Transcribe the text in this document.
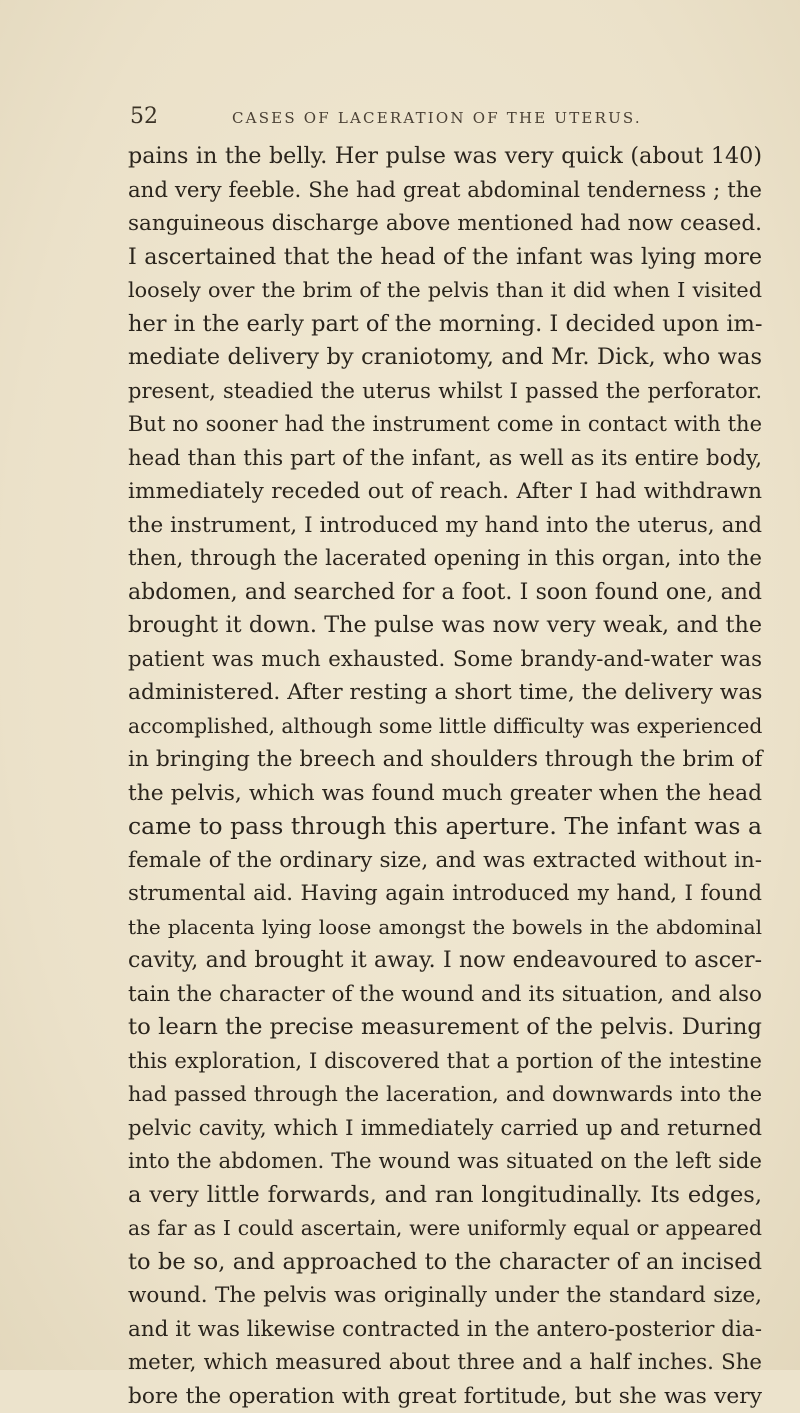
52	CASES OF LACERATION OF THE UTERUS.
pains in the belly. Her pulse was very quick (about 140)
and very feeble. She had great abdominal tenderness ; the
sanguineous discharge above mentioned had now ceased.
I ascertained that the head of the infant was lying more
loosely over the brim of the pelvis than it did when I visited
her in the early part of the morning. I decided upon im-
mediate delivery by craniotomy, and Mr. Dick, who was
present, steadied the uterus whilst I passed the perforator.
But no sooner had the instrument come in contact with the
head than this part of the infant, as well as its entire body,
immediately receded out of reach. After I had withdrawn
the instrument, I introduced my hand into the uterus, and
then, through the lacerated opening in this organ, into the
abdomen, and searched for a foot. I soon found one, and
brought it down. The pulse was now very weak, and the
patient was much exhausted. Some brandy-and-water was
administered. After resting a short time, the delivery was
accomplished, although some little difficulty was experienced
in bringing the breech and shoulders through the brim of
the pelvis, which was found much greater when the head
came to pass through this aperture. The infant was a
female of the ordinary size, and was extracted without in-
strumental aid. Having again introduced my hand, I found
the placenta lying loose amongst the bowels in the abdominal
cavity, and brought it away. I now endeavoured to ascer-
tain the character of the wound and its situation, and also
to learn the precise measurement of the pelvis. During
this exploration, I discovered that a portion of the intestine
had passed through the laceration, and downwards into the
pelvic cavity, which I immediately carried up and returned
into the abdomen. The wound was situated on the left side
a very little forwards, and ran longitudinally. Its edges,
as far as I could ascertain, were uniformly equal or appeared
to be so, and approached to the character of an incised
wound. The pelvis was originally under the standard size,
and it was likewise contracted in the antero-posterior dia-
meter, which measured about three and a half inches. She
bore the operation with great fortitude, but she was very
